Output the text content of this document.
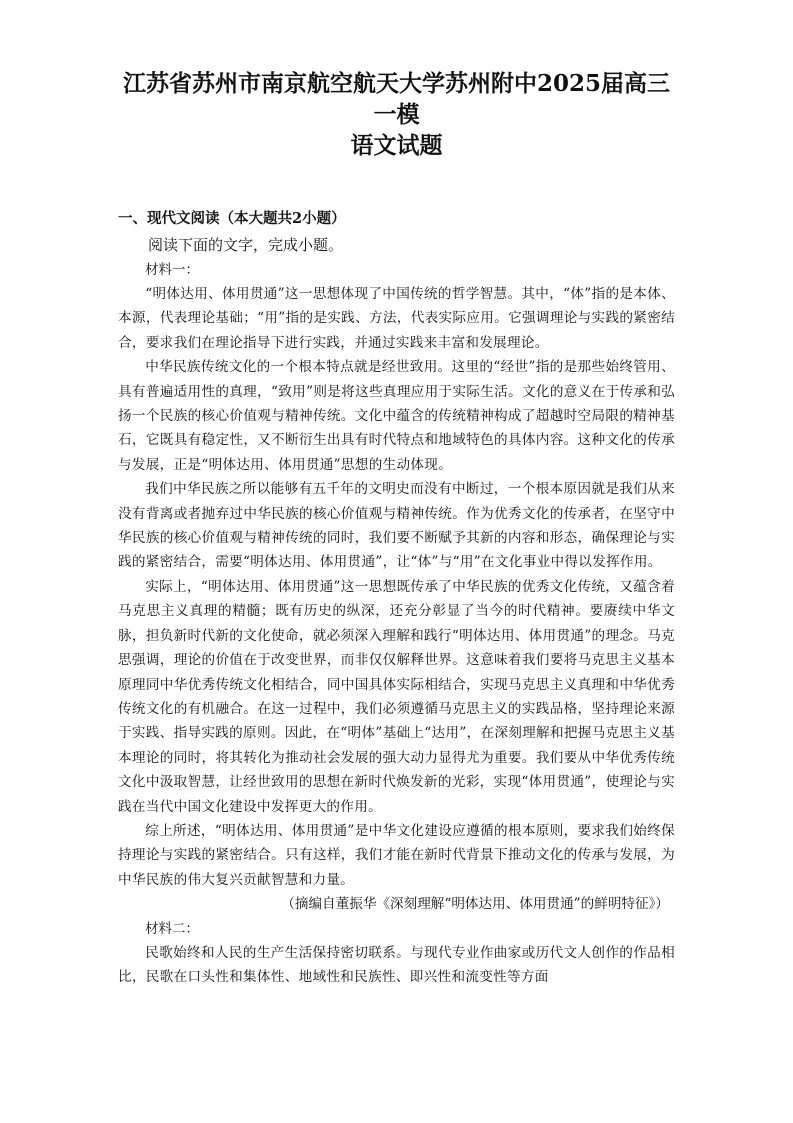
江苏省苏州市南京航空航天大学苏州附中2025届高三一模
语文试题
一、现代文阅读（本大题共2小题）

阅读下面的文字，完成小题。

材料一：

“明体达用、体用贯通”这一思想体现了中国传统的哲学智慧。其中，“体”指的是本体、本源，代表理论基础；“用”指的是实践、方法，代表实际应用。它强调理论与实践的紧密结合，要求我们在理论指导下进行实践，并通过实践来丰富和发展理论。

中华民族传统文化的一个根本特点就是经世致用。这里的“经世”指的是那些始终管用、具有普遍适用性的真理，“致用”则是将这些真理应用于实际生活。文化的意义在于传承和弘扬一个民族的核心价值观与精神传统。文化中蕴含的传统精神构成了超越时空局限的精神基石，它既具有稳定性，又不断衍生出具有时代特点和地域特色的具体内容。这种文化的传承与发展，正是“明体达用、体用贯通”思想的生动体现。

我们中华民族之所以能够有五千年的文明史而没有中断过，一个根本原因就是我们从来没有背离或者抛弃过中华民族的核心价值观与精神传统。作为优秀文化的传承者，在坚守中华民族的核心价值观与精神传统的同时，我们要不断赋予其新的内容和形态，确保理论与实践的紧密结合，需要“明体达用、体用贯通”，让“体”与“用”在文化事业中得以发挥作用。

实际上，“明体达用、体用贯通”这一思想既传承了中华民族的优秀文化传统，又蕴含着马克思主义真理的精髓；既有历史的纵深，还充分彰显了当今的时代精神。要赓续中华文脉，担负新时代新的文化使命，就必须深入理解和践行“明体达用、体用贯通”的理念。马克思强调，理论的价值在于改变世界，而非仅仅解释世界。这意味着我们要将马克思主义基本原理同中华优秀传统文化相结合，同中国具体实际相结合，实现马克思主义真理和中华优秀传统文化的有机融合。在这一过程中，我们必须遵循马克思主义的实践品格，坚持理论来源于实践、指导实践的原则。因此，在“明体”基础上“达用”，在深刻理解和把握马克思主义基本理论的同时，将其转化为推动社会发展的强大动力显得尤为重要。我们要从中华优秀传统文化中汲取智慧，让经世致用的思想在新时代焕发新的光彩，实现“体用贯通”，使理论与实践在当代中国文化建设中发挥更大的作用。

综上所述，“明体达用、体用贯通”是中华文化建设应遵循的根本原则，要求我们始终保持理论与实践的紧密结合。只有这样，我们才能在新时代背景下推动文化的传承与发展，为中华民族的伟大复兴贡献智慧和力量。

（摘编自董振华《深刻理解“明体达用、体用贯通”的鲜明特征》）

材料二：

民歌始终和人民的生产生活保持密切联系。与现代专业作曲家或历代文人创作的作品相比，民歌在口头性和集体性、地域性和民族性、即兴性和流变性等方面
